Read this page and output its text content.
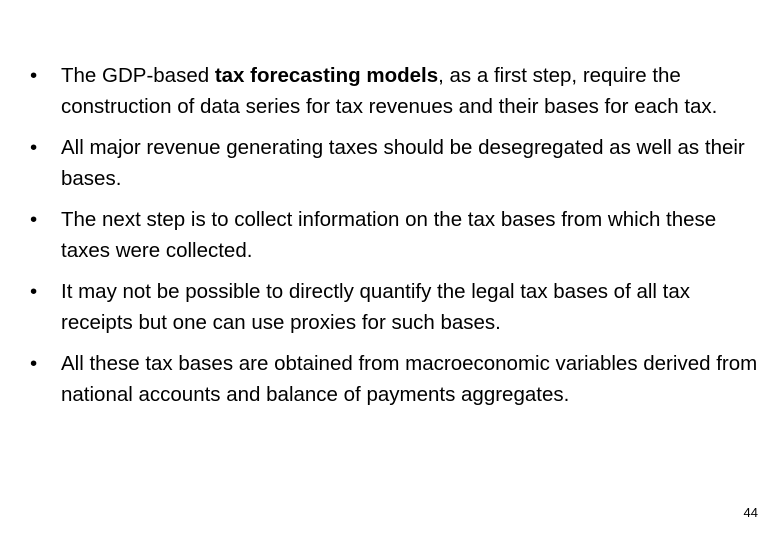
• The GDP-based tax forecasting models, as a first step, require the construction of data series for tax revenues and their bases for each tax.
• All major revenue generating taxes should be desegregated as well as their bases.
• The next step is to collect information on the tax bases from which these taxes were collected.
• It may not be possible to directly quantify the legal tax bases of all tax receipts but one can use proxies for such bases.
• All these tax bases are obtained from macroeconomic variables derived from national accounts and balance of payments aggregates.
44
